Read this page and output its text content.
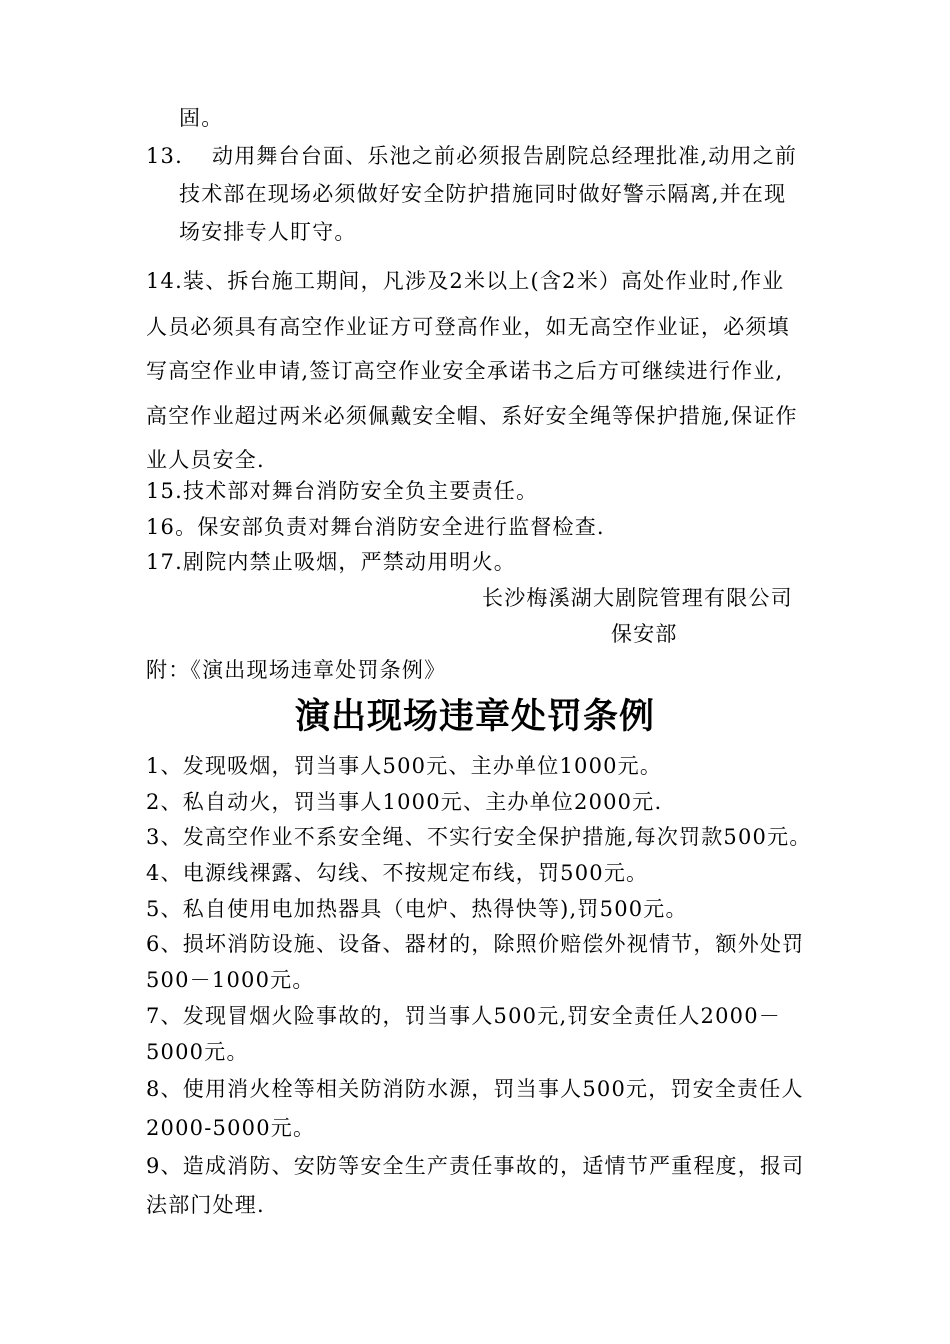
固。
13. 动用舞台台面、乐池之前必须报告剧院总经理批准,动用之前
技术部在现场必须做好安全防护措施同时做好警示隔离,并在现
场安排专人盯守。
14.装、拆台施工期间，凡涉及2米以上(含2米）高处作业时,作业
人员必须具有高空作业证方可登高作业，如无高空作业证，必须填
写高空作业申请,签订高空作业安全承诺书之后方可继续进行作业,
高空作业超过两米必须佩戴安全帽、系好安全绳等保护措施,保证作
业人员安全.
15.技术部对舞台消防安全负主要责任。
16。保安部负责对舞台消防安全进行监督检查.
17.剧院内禁止吸烟，严禁动用明火。
长沙梅溪湖大剧院管理有限公司
保安部
附：《演出现场违章处罚条例》
演出现场违章处罚条例
1、发现吸烟，罚当事人500元、主办单位1000元。
2、私自动火，罚当事人1000元、主办单位2000元.
3、发高空作业不系安全绳、不实行安全保护措施,每次罚款500元。
4、电源线裸露、勾线、不按规定布线，罚500元。
5、私自使用电加热器具（电炉、热得快等),罚500元。
6、损坏消防设施、设备、器材的，除照价赔偿外视情节，额外处罚
500－1000元。
7、发现冒烟火险事故的，罚当事人500元,罚安全责任人2000－
5000元。
8、使用消火栓等相关防消防水源，罚当事人500元，罚安全责任人
2000-5000元。
9、造成消防、安防等安全生产责任事故的，适情节严重程度，报司
法部门处理.
